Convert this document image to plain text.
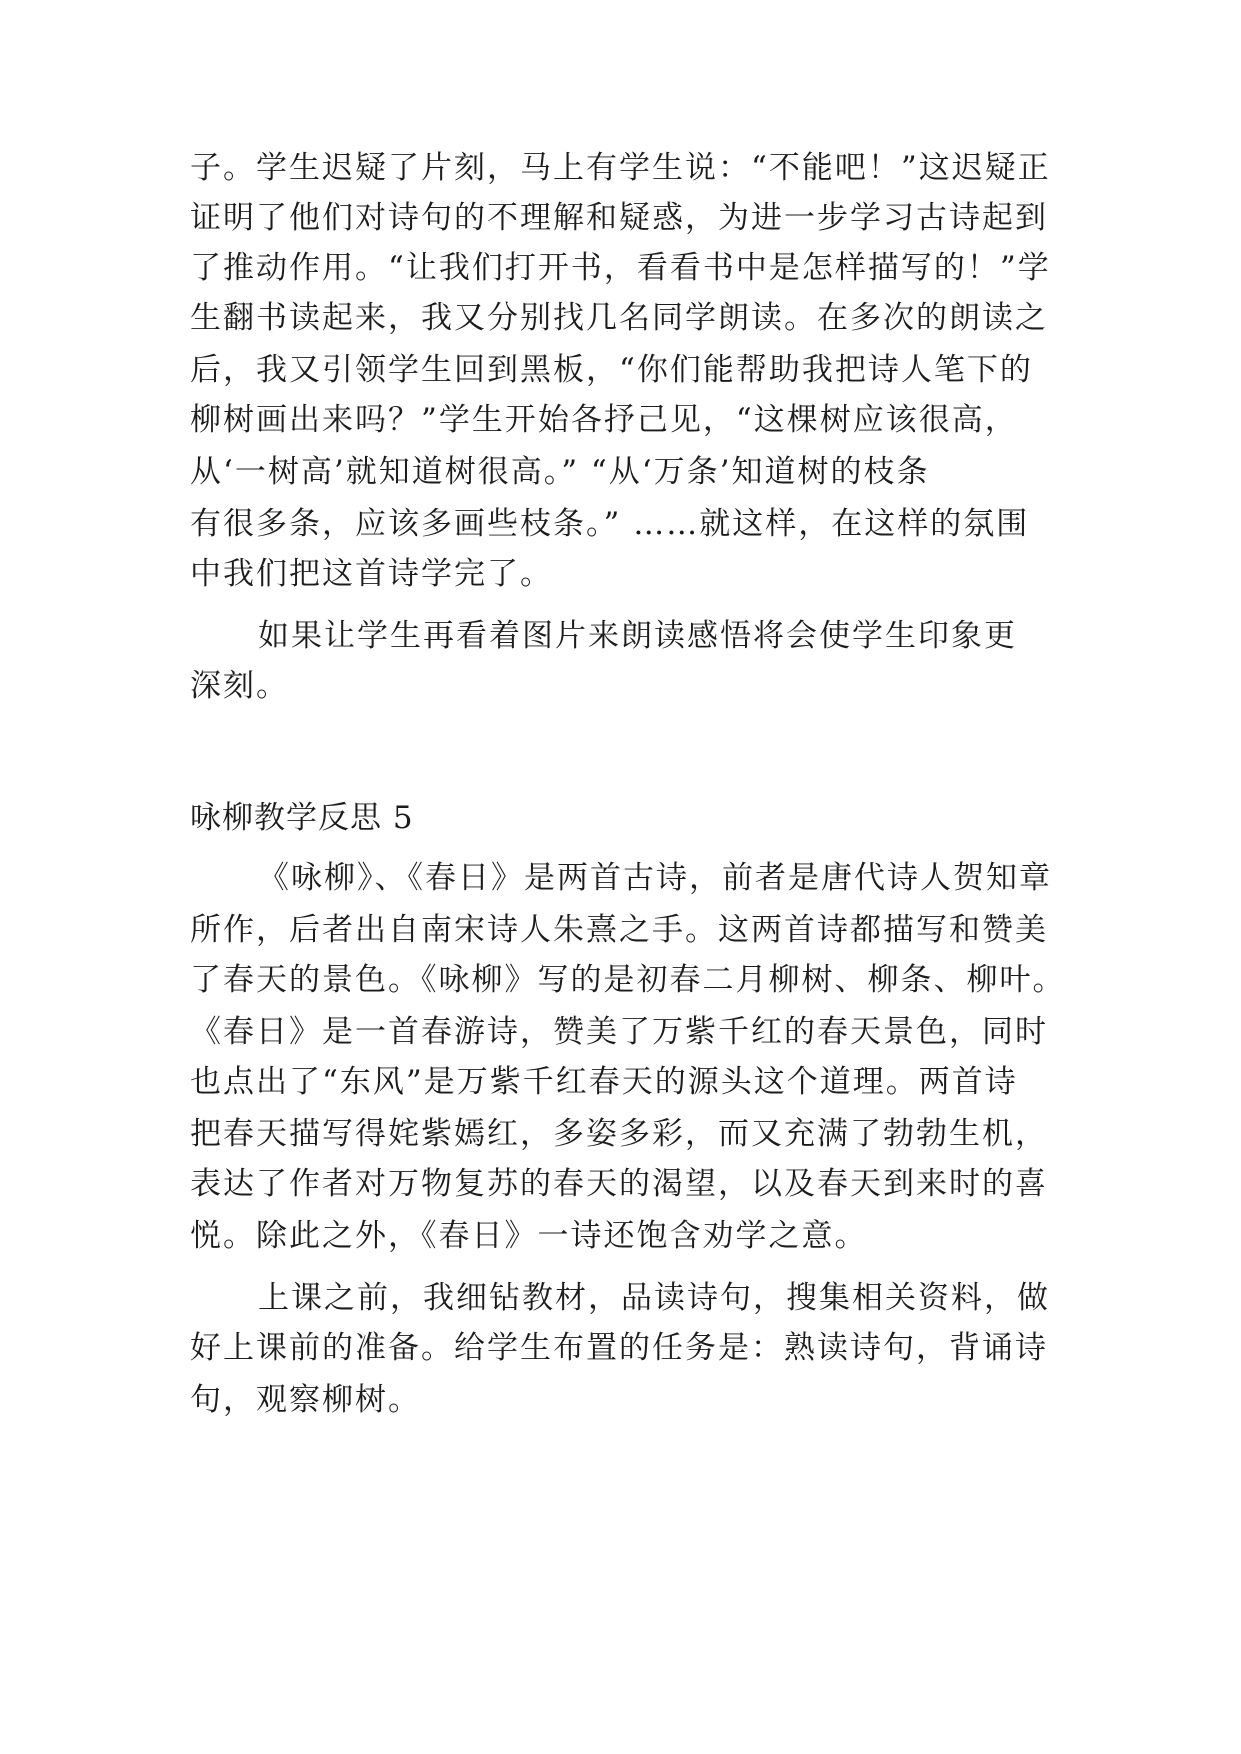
子。学生迟疑了片刻，马上有学生说：“不能吧！”这迟疑正
证明了他们对诗句的不理解和疑惑，为进一步学习古诗起到
了推动作用。“让我们打开书，看看书中是怎样描写的！”学
生翻书读起来，我又分别找几名同学朗读。在多次的朗读之
后，我又引领学生回到黑板，“你们能帮助我把诗人笔下的
柳树画出来吗？”学生开始各抒己见，“这棵树应该很高，
从‘一树高’就知道树很高。” “从‘万条’知道树的枝条
有很多条，应该多画些枝条。” ……就这样，在这样的氛围
中我们把这首诗学完了。
如果让学生再看着图片来朗读感悟将会使学生印象更
深刻。
咏柳教学反思 5
《咏柳》、《春日》是两首古诗，前者是唐代诗人贺知章
所作，后者出自南宋诗人朱熹之手。这两首诗都描写和赞美
了春天的景色。《咏柳》写的是初春二月柳树、柳条、柳叶。
《春日》是一首春游诗，赞美了万紫千红的春天景色，同时
也点出了“东风”是万紫千红春天的源头这个道理。两首诗
把春天描写得姹紫嫣红，多姿多彩，而又充满了勃勃生机，
表达了作者对万物复苏的春天的渴望，以及春天到来时的喜
悦。除此之外，《春日》一诗还饱含劝学之意。
上课之前，我细钻教材，品读诗句，搜集相关资料，做
好上课前的准备。给学生布置的任务是：熟读诗句，背诵诗
句，观察柳树。
